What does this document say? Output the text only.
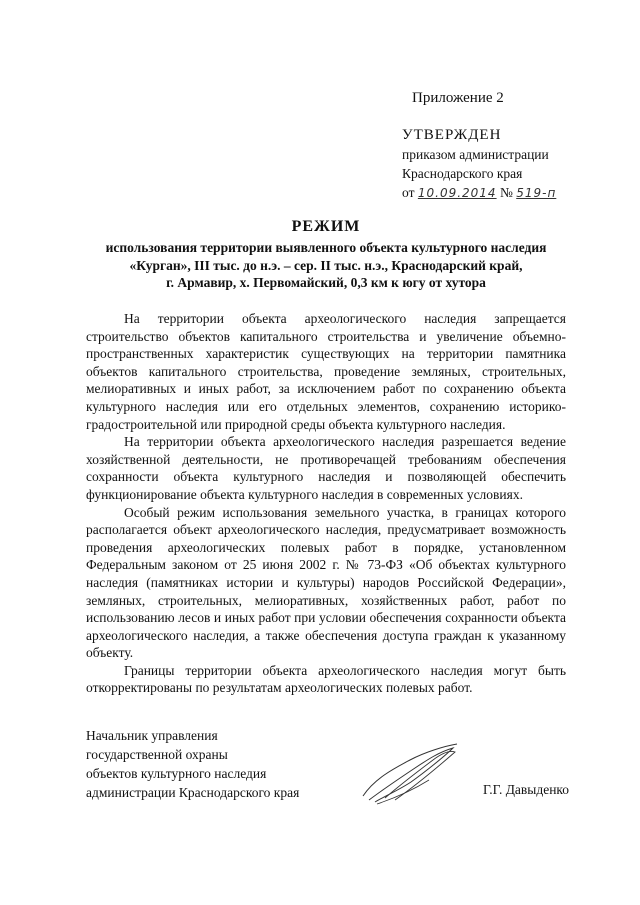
Приложение 2
УТВЕРЖДЕН
приказом администрации
Краснодарского края
от 10.09.2014 № 519-п
РЕЖИМ
использования территории выявленного объекта культурного наследия
«Курган», III тыс. до н.э. – сер. II тыс. н.э., Краснодарский край,
г. Армавир, х. Первомайский, 0,3 км к югу от хутора

На территории объекта археологического наследия запрещается строительство объектов капитального строительства и увеличение объемно-пространственных характеристик существующих на территории памятника объектов капитального строительства, проведение земляных, строительных, мелиоративных и иных работ, за исключением работ по сохранению объекта культурного наследия или его отдельных элементов, сохранению историко-градостроительной или природной среды объекта культурного наследия.

На территории объекта археологического наследия разрешается ведение хозяйственной деятельности, не противоречащей требованиям обеспечения сохранности объекта культурного наследия и позволяющей обеспечить функционирование объекта культурного наследия в современных условиях.

Особый режим использования земельного участка, в границах которого располагается объект археологического наследия, предусматривает возможность проведения археологических полевых работ в порядке, установленном Федеральным законом от 25 июня 2002 г. № 73-ФЗ «Об объектах культурного наследия (памятниках истории и культуры) народов Российской Федерации», земляных, строительных, мелиоративных, хозяйственных работ, работ по использованию лесов и иных работ при условии обеспечения сохранности объекта археологического наследия, а также обеспечения доступа граждан к указанному объекту.

Границы территории объекта археологического наследия могут быть откорректированы по результатам археологических полевых работ.

Начальник управления
государственной охраны
объектов культурного наследия
администрации Краснодарского края	Г.Г. Давыденко
